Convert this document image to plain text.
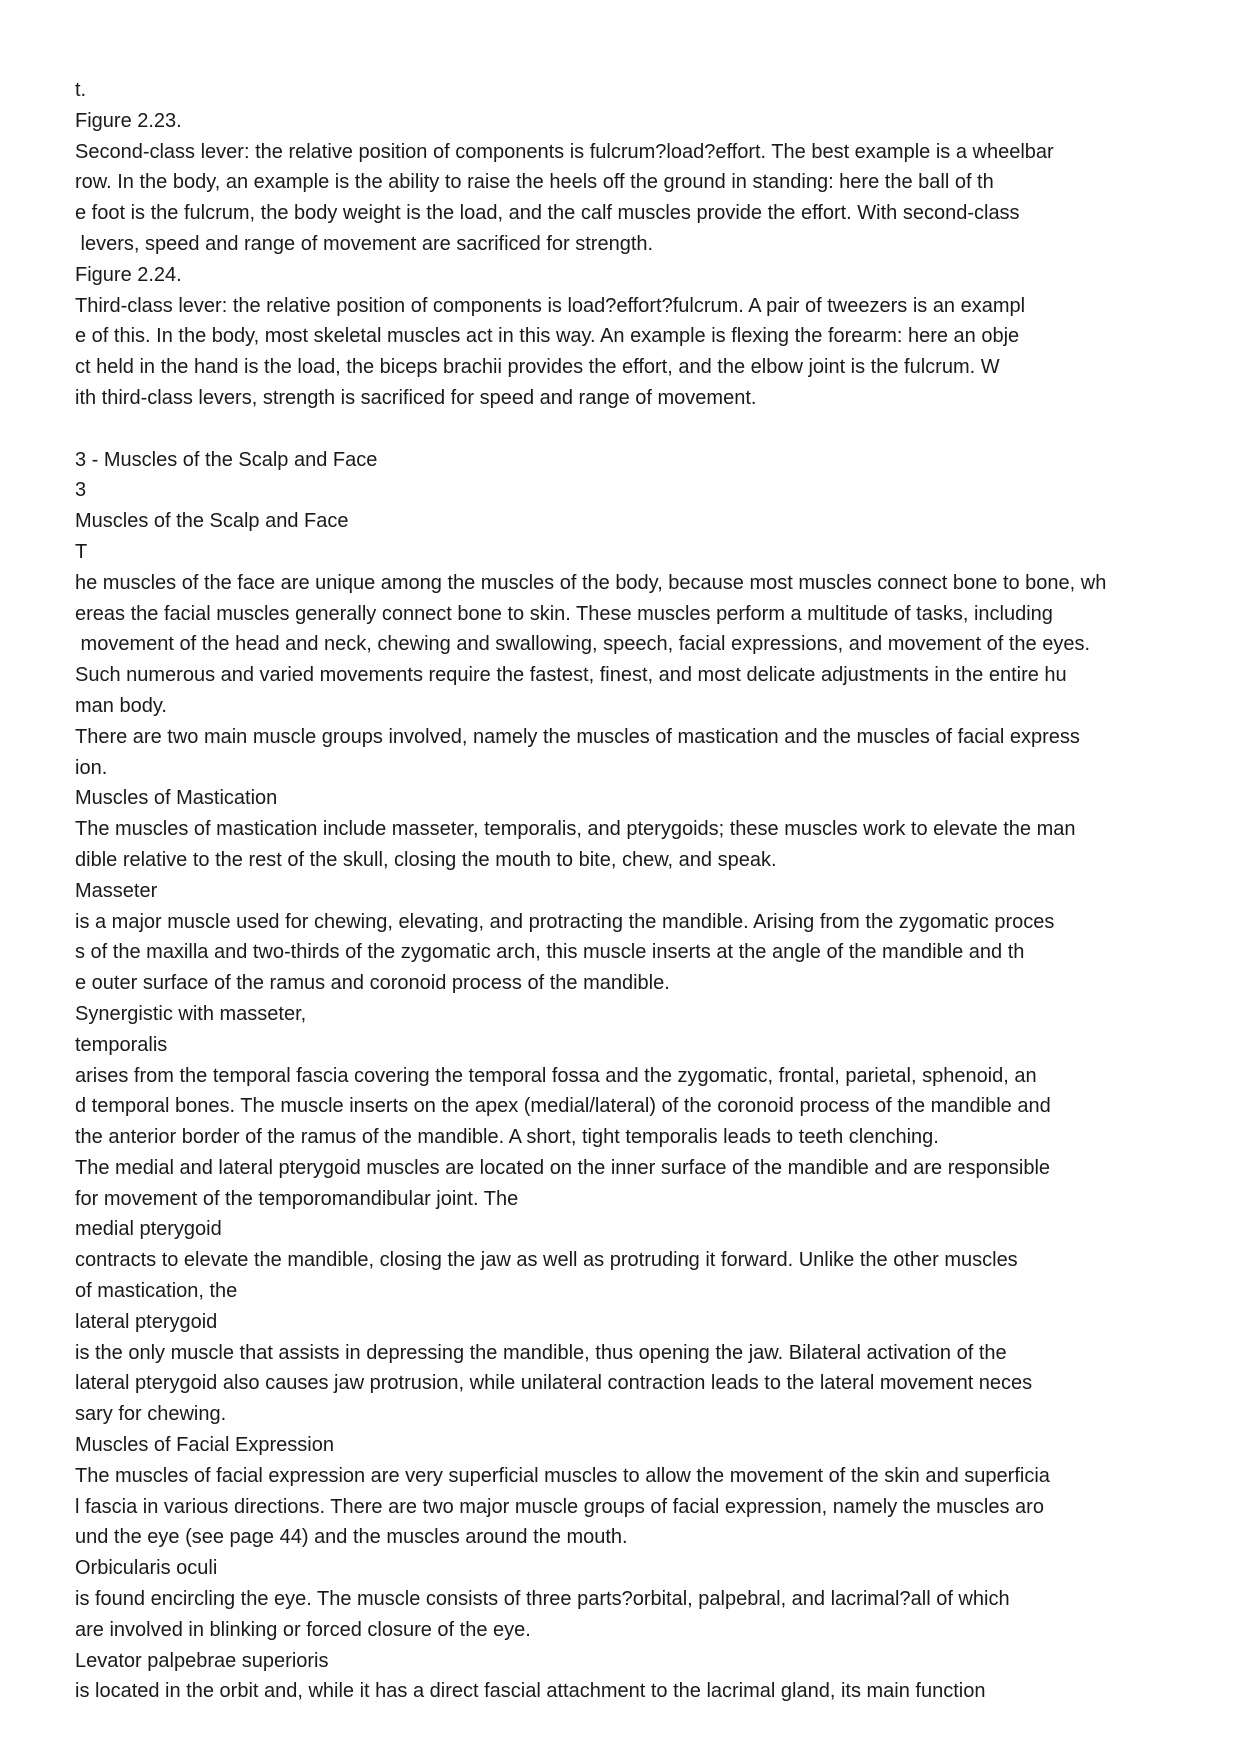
t.
Figure 2.23.
Second-class lever: the relative position of components is fulcrum?load?effort. The best example is a wheelbar
row. In the body, an example is the ability to raise the heels off the ground in standing: here the ball of th
e foot is the fulcrum, the body weight is the load, and the calf muscles provide the effort. With second-class
levers, speed and range of movement are sacrificed for strength.
Figure 2.24.
Third-class lever: the relative position of components is load?effort?fulcrum. A pair of tweezers is an exampl
e of this. In the body, most skeletal muscles act in this way. An example is flexing the forearm: here an obje
ct held in the hand is the load, the biceps brachii provides the effort, and the elbow joint is the fulcrum. W
ith third-class levers, strength is sacrificed for speed and range of movement.
3 - Muscles of the Scalp and Face
3
Muscles of the Scalp and Face
T
he muscles of the face are unique among the muscles of the body, because most muscles connect bone to bone, wh
ereas the facial muscles generally connect bone to skin. These muscles perform a multitude of tasks, including
movement of the head and neck, chewing and swallowing, speech, facial expressions, and movement of the eyes.
Such numerous and varied movements require the fastest, finest, and most delicate adjustments in the entire hu
man body.
There are two main muscle groups involved, namely the muscles of mastication and the muscles of facial express
ion.
Muscles of Mastication
The muscles of mastication include masseter, temporalis, and pterygoids; these muscles work to elevate the man
dible relative to the rest of the skull, closing the mouth to bite, chew, and speak.
Masseter
is a major muscle used for chewing, elevating, and protracting the mandible. Arising from the zygomatic proces
s of the maxilla and two-thirds of the zygomatic arch, this muscle inserts at the angle of the mandible and th
e outer surface of the ramus and coronoid process of the mandible.
Synergistic with masseter,
temporalis
arises from the temporal fascia covering the temporal fossa and the zygomatic, frontal, parietal, sphenoid, an
d temporal bones. The muscle inserts on the apex (medial/lateral) of the coronoid process of the mandible and
the anterior border of the ramus of the mandible. A short, tight temporalis leads to teeth clenching.
The medial and lateral pterygoid muscles are located on the inner surface of the mandible and are responsible
for movement of the temporomandibular joint. The
medial pterygoid
contracts to elevate the mandible, closing the jaw as well as protruding it forward. Unlike the other muscles
of mastication, the
lateral pterygoid
is the only muscle that assists in depressing the mandible, thus opening the jaw. Bilateral activation of the
lateral pterygoid also causes jaw protrusion, while unilateral contraction leads to the lateral movement neces
sary for chewing.
Muscles of Facial Expression
The muscles of facial expression are very superficial muscles to allow the movement of the skin and superficia
l fascia in various directions. There are two major muscle groups of facial expression, namely the muscles aro
und the eye (see page 44) and the muscles around the mouth.
Orbicularis oculi
is found encircling the eye. The muscle consists of three parts?orbital, palpebral, and lacrimal?all of which
are involved in blinking or forced closure of the eye.
Levator palpebrae superioris
is located in the orbit and, while it has a direct fascial attachment to the lacrimal gland, its main function
